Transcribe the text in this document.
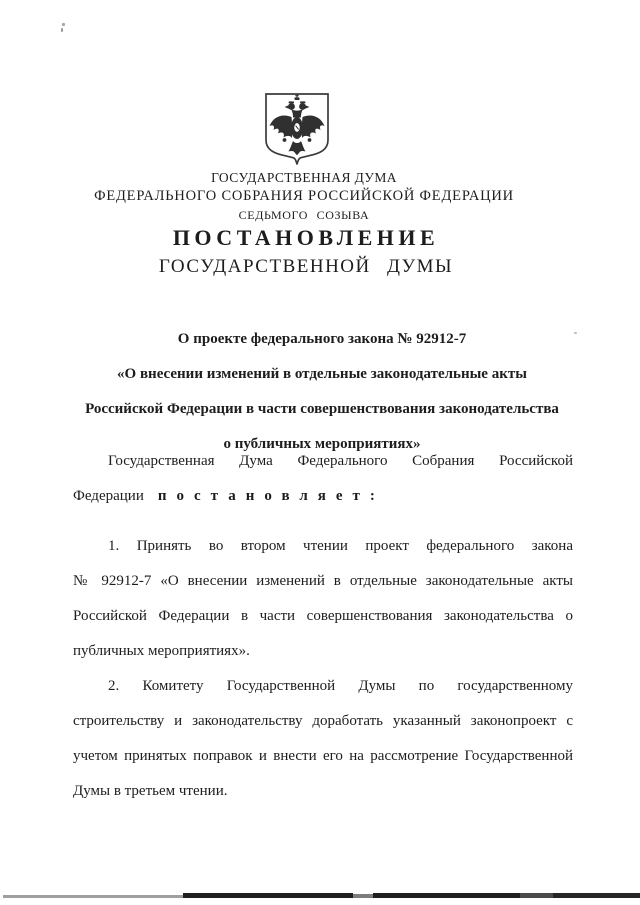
ГОСУДАРСТВЕННАЯ ДУМА
ФЕДЕРАЛЬНОГО СОБРАНИЯ РОССИЙСКОЙ ФЕДЕРАЦИИ
СЕДЬМОГО СОЗЫВА
ПОСТАНОВЛЕНИЕ
ГОСУДАРСТВЕННОЙ ДУМЫ
О проекте федерального закона № 92912-7
«О внесении изменений в отдельные законодательные акты
Российской Федерации в части совершенствования законодательства
о публичных мероприятиях»
Государственная Дума Федерального Собрания Российской
Федерации постановляет:
1. Принять во втором чтении проект федерального закона
№ 92912-7 «О внесении изменений в отдельные законодательные акты
Российской Федерации в части совершенствования законодательства о
публичных мероприятиях».
2. Комитету Государственной Думы по государственному
строительству и законодательству доработать указанный законопроект с
учетом принятых поправок и внести его на рассмотрение Государственной
Думы в третьем чтении.
